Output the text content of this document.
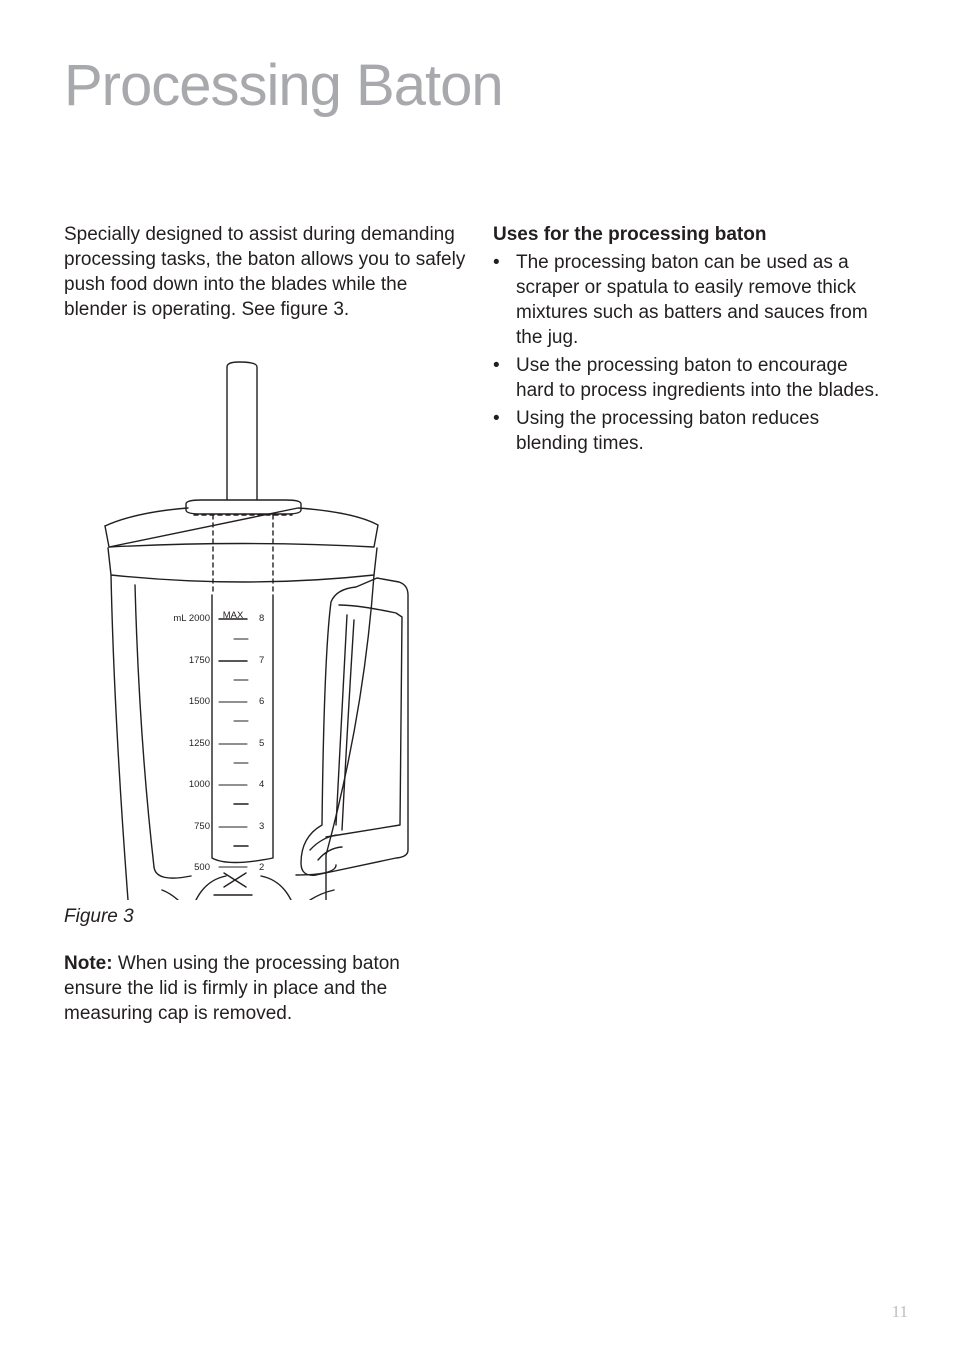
Processing Baton

Specially designed to assist during demanding processing tasks, the baton allows you to safely push food down into the blades while the blender is operating. See figure 3.

mL 2000 MAX
1750
1500
1250
1000
750
500
8
7
6
5
4
3
2

Figure 3

Note: When using the processing baton ensure the lid is firmly in place and the measuring cap is removed.

Uses for the processing baton
• The processing baton can be used as a scraper or spatula to easily remove thick mixtures such as batters and sauces from the jug.
• Use the processing baton to encourage hard to process ingredients into the blades.
• Using the processing baton reduces blending times.
11
